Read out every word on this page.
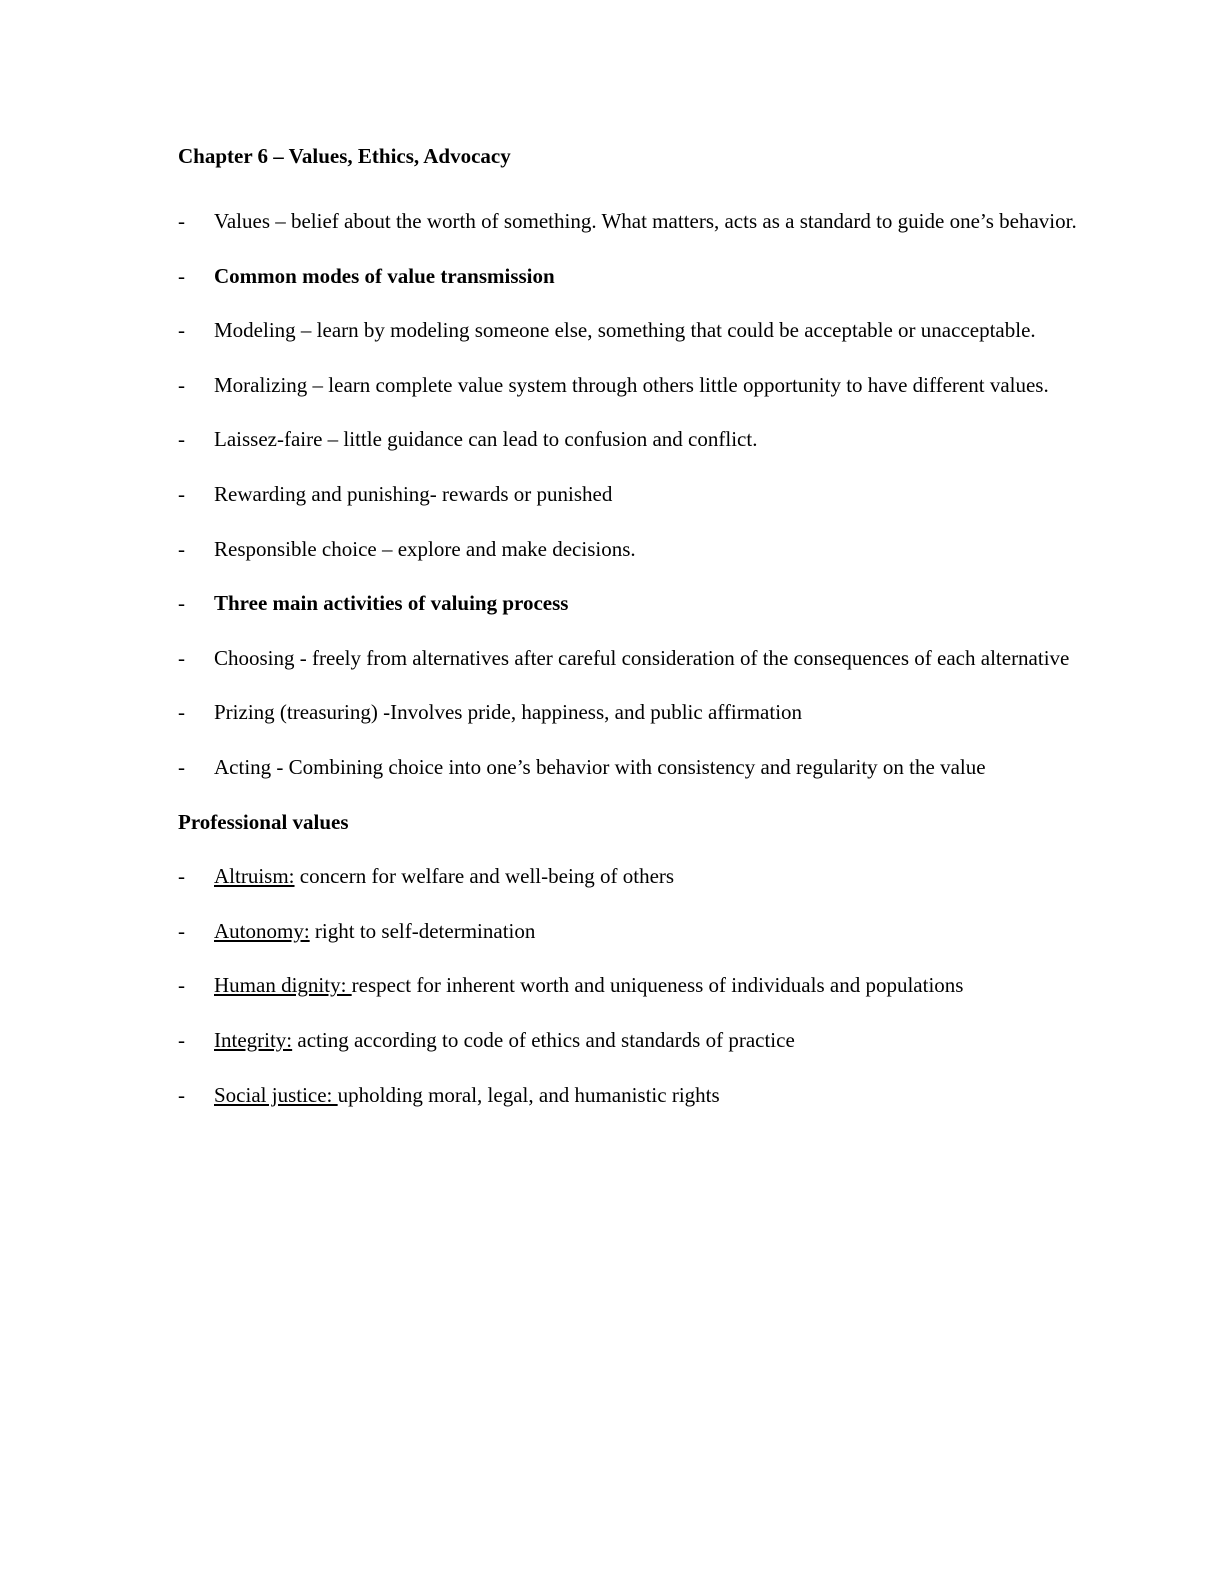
Chapter 6 – Values, Ethics, Advocacy
-	Values – belief about the worth of something. What matters, acts as a standard to guide one’s behavior.
-	Common modes of value transmission
-	Modeling – learn by modeling someone else, something that could be acceptable or unacceptable.
-	Moralizing – learn complete value system through others little opportunity to have different values.
-	Laissez-faire – little guidance can lead to confusion and conflict.
-	Rewarding and punishing- rewards or punished
-	Responsible choice – explore and make decisions.
-	Three main activities of valuing process
-	Choosing - freely from alternatives after careful consideration of the consequences of each alternative
-	Prizing (treasuring) -Involves pride, happiness, and public affirmation
-	Acting - Combining choice into one’s behavior with consistency and regularity on the value
Professional values
-	Altruism: concern for welfare and well-being of others
-	Autonomy: right to self-determination
-	Human dignity: respect for inherent worth and uniqueness of individuals and populations
-	Integrity: acting according to code of ethics and standards of practice
-	Social justice: upholding moral, legal, and humanistic rights
